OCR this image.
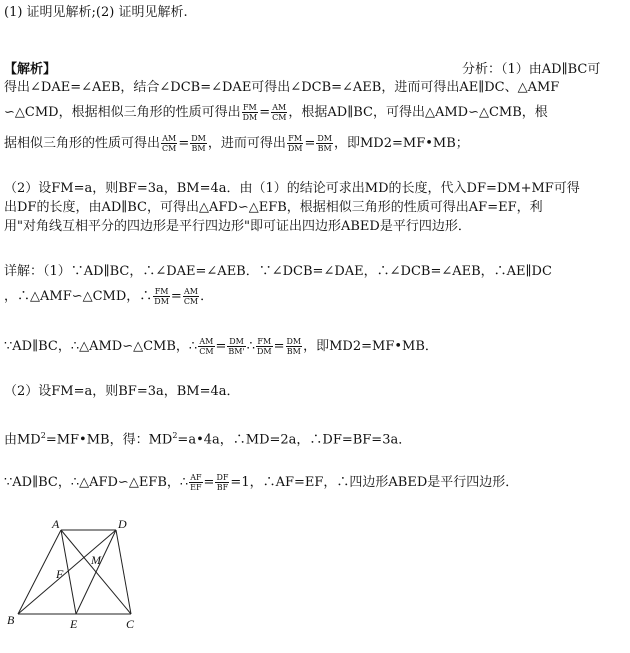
(1) 证明见解析;(2) 证明见解析.
【解析】	分析：（1）由AD∥BC可
得出∠DAE=∠AEB，结合∠DCB=∠DAE可得出∠DCB=∠AEB，进而可得出AE∥DC、△AMF
∽△CMD，根据相似三角形的性质可得出 $\frac{FM}{DM} = \frac{AM}{CM}$ ，根据AD∥BC，可得出△AMD∽△CMB，根
据相似三角形的性质可得出 $\frac{AM}{CM} = \frac{DM}{BM}$ ，进而可得出 $\frac{FM}{DM} = \frac{DM}{BM}$ ，即MD2=MF•MB；
（2）设FM=a，则BF=3a，BM=4a．由（1）的结论可求出MD的长度，代入DF=DM+MF可得
出DF的长度，由AD∥BC，可得出△AFD∽△EFB，根据相似三角形的性质可得出AF=EF，利
用"对角线互相平分的四边形是平行四边形"即可证出四边形ABED是平行四边形．
详解：（1）∵AD∥BC，∴∠DAE=∠AEB．∵∠DCB=∠DAE，∴∠DCB=∠AEB，∴AE∥DC
，∴△AMF∽△CMD，∴ $\frac{FM}{DM} = \frac{AM}{CM}$ ．
∵AD∥BC，∴△AMD∽△CMB，∴ $\frac{AM}{CM} = \frac{DM}{BM'}$ ∴ $\frac{FM}{DM} = \frac{DM}{BM}$ ，即MD2=MF•MB．
（2）设FM=a，则BF=3a，BM=4a．
由$MD^2=MF•MB$，得：$MD^2=a•4a$，∴MD=2a，∴DF=BF=3a．
∵AD∥BC，∴△AFD∽△EFB，∴ $\frac{AF}{EF} = \frac{DF}{BF} =1$，∴AF=EF，∴四边形ABED是平行四边形．
A	D
F
M
B	E	C
